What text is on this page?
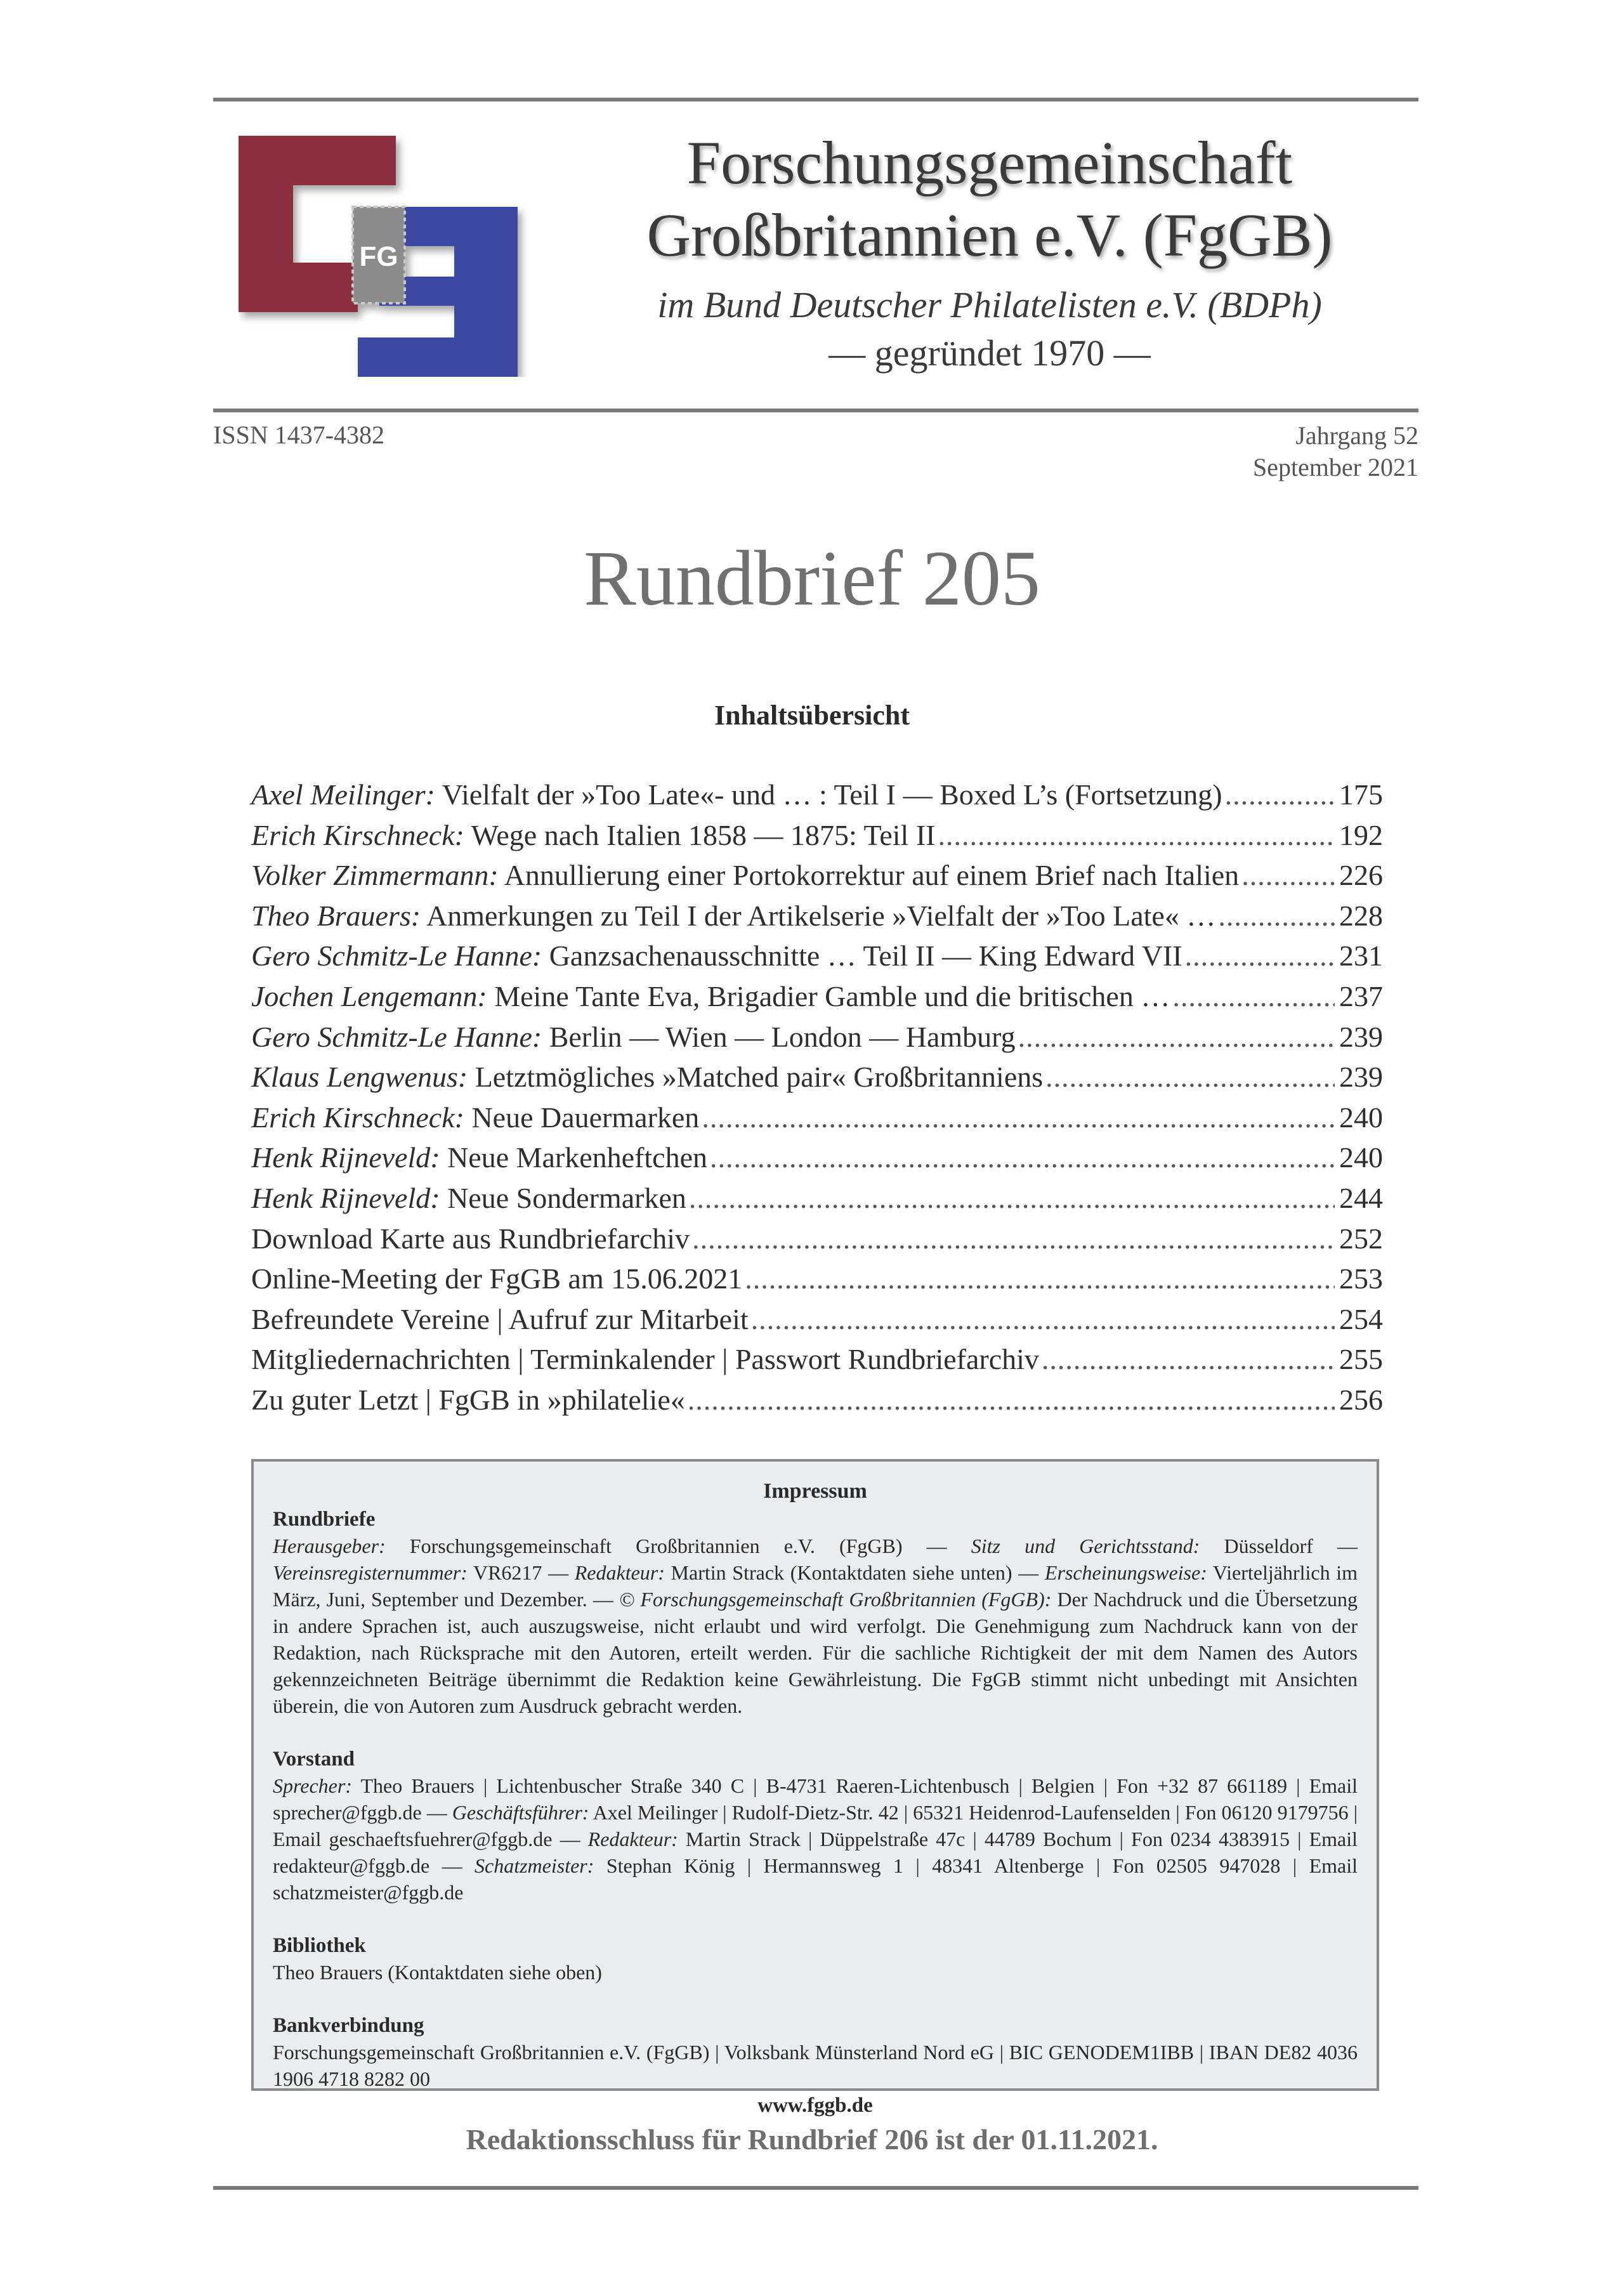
FG
Forschungsgemeinschaft
Großbritannien e.V. (FgGB)
im Bund Deutscher Philatelisten e.V. (BDPh)
— gegründet 1970 —
ISSN 1437-4382	Jahrgang 52
September 2021
Rundbrief 205
Inhaltsübersicht
Axel Meilinger: Vielfalt der »Too Late«- und … : Teil I — Boxed L’s (Fortsetzung) .....	175
Erich Kirschneck: Wege nach Italien 1858 — 1875: Teil II .....	192
Volker Zimmermann: Annullierung einer Portokorrektur auf einem Brief nach Italien .....	226
Theo Brauers: Anmerkungen zu Teil I der Artikelserie »Vielfalt der »Too Late« … .....	228
Gero Schmitz-Le Hanne: Ganzsachenausschnitte … Teil II — King Edward VII .....	231
Jochen Lengemann: Meine Tante Eva, Brigadier Gamble und die britischen … .....	237
Gero Schmitz-Le Hanne: Berlin — Wien — London — Hamburg .....	239
Klaus Lengwenus: Letztmögliches »Matched pair« Großbritanniens .....	239
Erich Kirschneck: Neue Dauermarken .....	240
Henk Rijneveld: Neue Markenheftchen .....	240
Henk Rijneveld: Neue Sondermarken .....	244
Download Karte aus Rundbriefarchiv .....	252
Online-Meeting der FgGB am 15.06.2021 .....	253
Befreundete Vereine | Aufruf zur Mitarbeit .....	254
Mitgliedernachrichten | Terminkalender | Passwort Rundbriefarchiv .....	255
Zu guter Letzt | FgGB in »philatelie« .....	256
Impressum
Rundbriefe
Herausgeber: Forschungsgemeinschaft Großbritannien e.V. (FgGB) — Sitz und Gerichtsstand: Düsseldorf — Vereinsregisternummer: VR6217 — Redakteur: Martin Strack (Kontaktdaten siehe unten) — Erscheinungsweise: Vierteljährlich im März, Juni, September und Dezember. — © Forschungsgemeinschaft Großbritannien (FgGB): Der Nachdruck und die Übersetzung in andere Sprachen ist, auch auszugsweise, nicht erlaubt und wird verfolgt. Die Genehmigung zum Nachdruck kann von der Redaktion, nach Rücksprache mit den Autoren, erteilt werden. Für die sachliche Richtigkeit der mit dem Namen des Autors gekennzeichneten Beiträge übernimmt die Redaktion keine Gewährleistung. Die FgGB stimmt nicht unbedingt mit Ansichten überein, die von Autoren zum Ausdruck gebracht werden.
Vorstand
Sprecher: Theo Brauers | Lichtenbuscher Straße 340 C | B-4731 Raeren-Lichtenbusch | Belgien | Fon +32 87 661189 | Email sprecher@fggb.de — Geschäftsführer: Axel Meilinger | Rudolf-Dietz-Str. 42 | 65321 Heidenrod-Laufenselden | Fon 06120 9179756 | Email geschaeftsfuehrer@fggb.de — Redakteur: Martin Strack | Düppelstraße 47c | 44789 Bochum | Fon 0234 4383915 | Email redakteur@fggb.de — Schatzmeister: Stephan König | Hermannsweg 1 | 48341 Altenberge | Fon 02505 947028 | Email schatzmeister@fggb.de
Bibliothek
Theo Brauers (Kontaktdaten siehe oben)
Bankverbindung
Forschungsgemeinschaft Großbritannien e.V. (FgGB) | Volksbank Münsterland Nord eG | BIC GENODEM1IBB | IBAN DE82 4036 1906 4718 8282 00
www.fggb.de
Redaktionsschluss für Rundbrief 206 ist der 01.11.2021.
